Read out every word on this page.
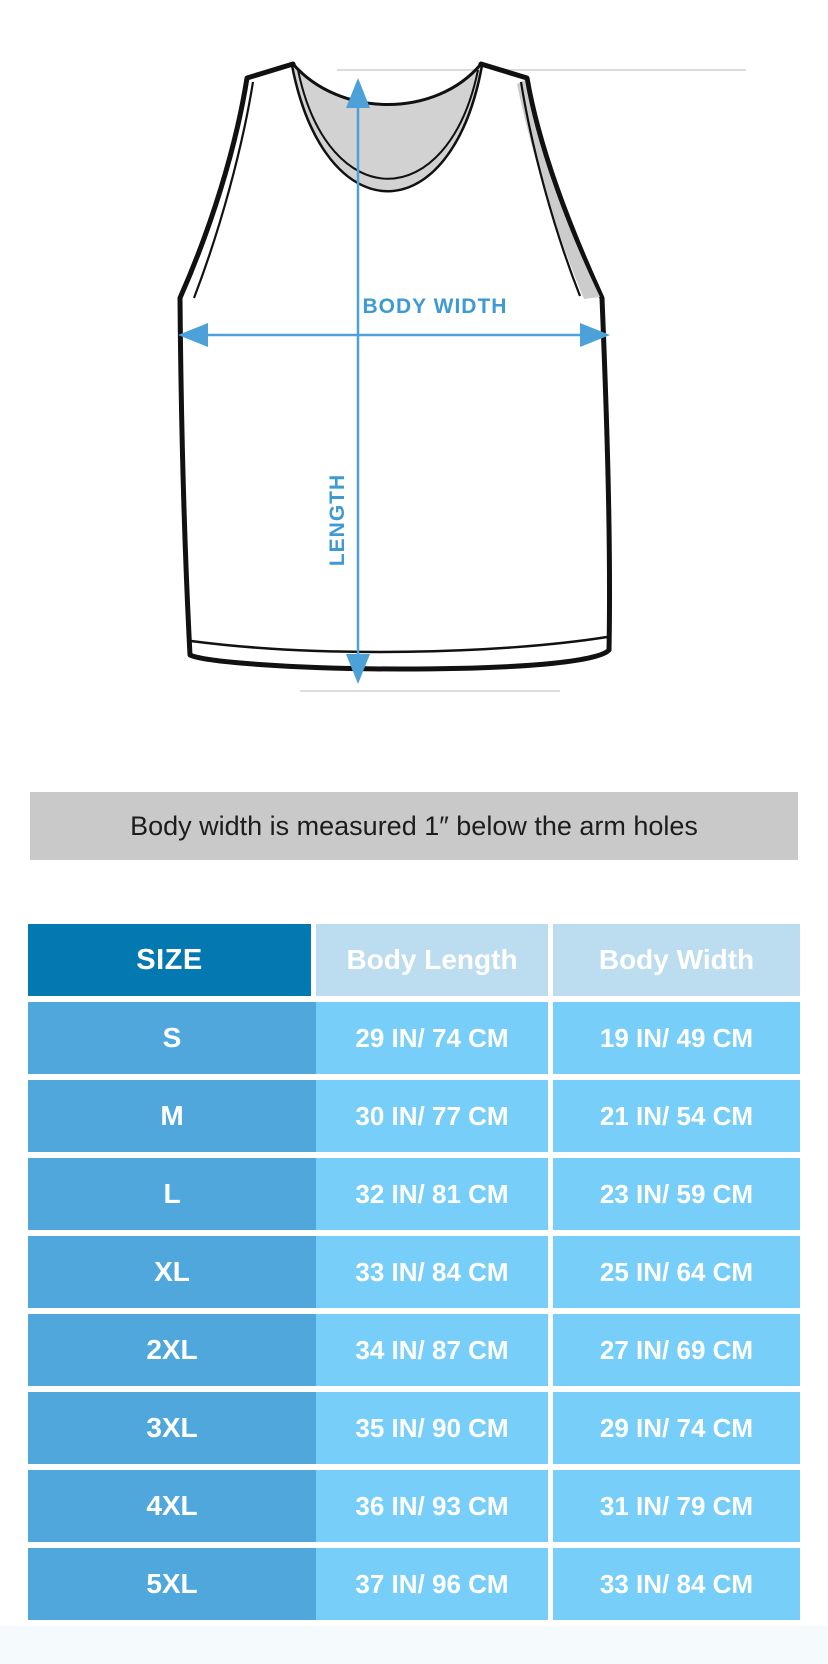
BODY WIDTH
LENGTH
Body width is measured 1″ below the arm holes
SIZE	Body Length	Body Width
S	29 IN/ 74 CM	19 IN/ 49 CM
M	30 IN/ 77 CM	21 IN/ 54 CM
L	32 IN/ 81 CM	23 IN/ 59 CM
XL	33 IN/ 84 CM	25 IN/ 64 CM
2XL	34 IN/ 87 CM	27 IN/ 69 CM
3XL	35 IN/ 90 CM	29 IN/ 74 CM
4XL	36 IN/ 93 CM	31 IN/ 79 CM
5XL	37 IN/ 96 CM	33 IN/ 84 CM
